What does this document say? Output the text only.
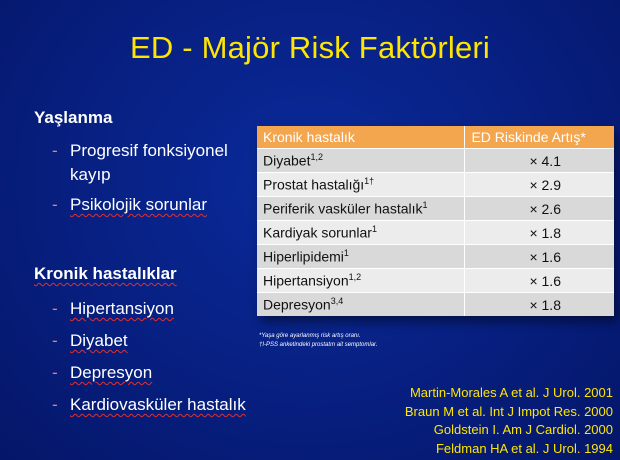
ED - Majör Risk Faktörleri
Yaşlanma
- Progresif fonksiyonel kayıp
- Psikolojik sorunlar
Kronik hastalıklar
- Hipertansiyon
- Diyabet
- Depresyon
- Kardiovasküler hastalık
Kronik hastalık	ED Riskinde Artış*
Diyabet$^{1,2}$	× 4.1
Prostat hastalığı$^{1\dagger}$	× 2.9
Periferik vasküler hastalık$^1$	× 2.6
Kardiyak sorunlar$^1$	× 1.8
Hiperlipidemi$^1$	× 1.6
Hipertansiyon$^{1,2}$	× 1.6
Depresyon$^{3,4}$	× 1.8
*Yaşa göre ayarlanmış risk artış oranı.
†I-PSS anketindeki prostatın ait semptomlar.
Martin-Morales A et al. J Urol. 2001
Braun M et al. Int J Impot Res. 2000
Goldstein I. Am J Cardiol. 2000
Feldman HA et al. J Urol. 1994
